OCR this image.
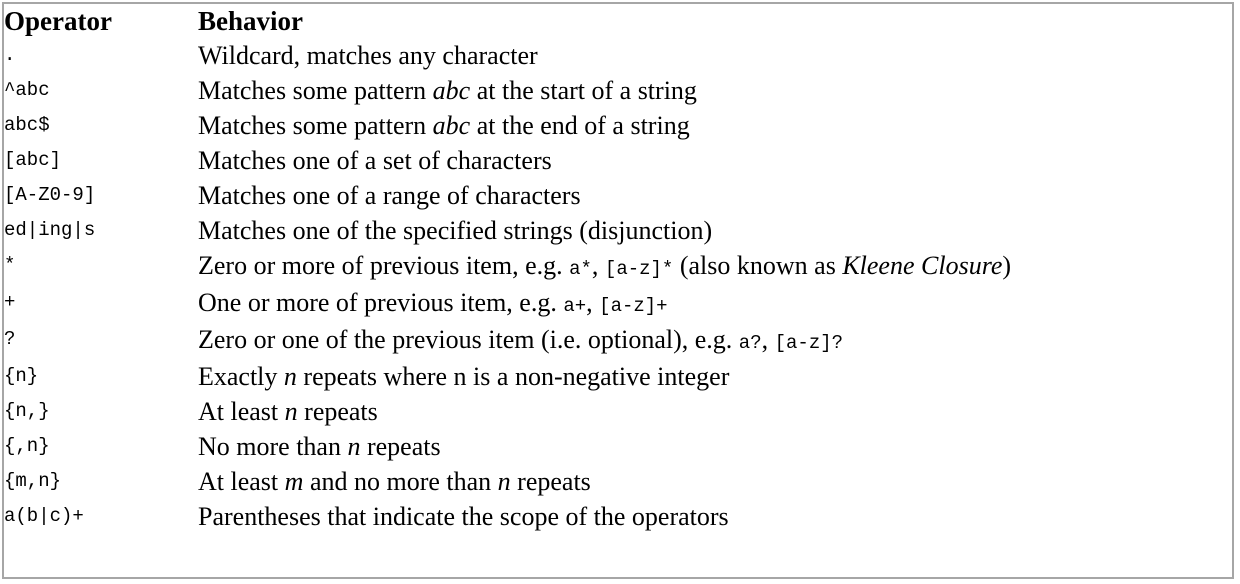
Operator	Behavior
.	Wildcard, matches any character
^abc	Matches some pattern abc at the start of a string
abc$	Matches some pattern abc at the end of a string
[abc]	Matches one of a set of characters
[A-Z0-9]	Matches one of a range of characters
ed|ing|s	Matches one of the specified strings (disjunction)
*	Zero or more of previous item, e.g. a*, [a-z]* (also known as Kleene Closure)
+	One or more of previous item, e.g. a+, [a-z]+
?	Zero or one of the previous item (i.e. optional), e.g. a?, [a-z]?
{n}	Exactly n repeats where n is a non-negative integer
{n,}	At least n repeats
{,n}	No more than n repeats
{m,n}	At least m and no more than n repeats
a(b|c)+	Parentheses that indicate the scope of the operators
